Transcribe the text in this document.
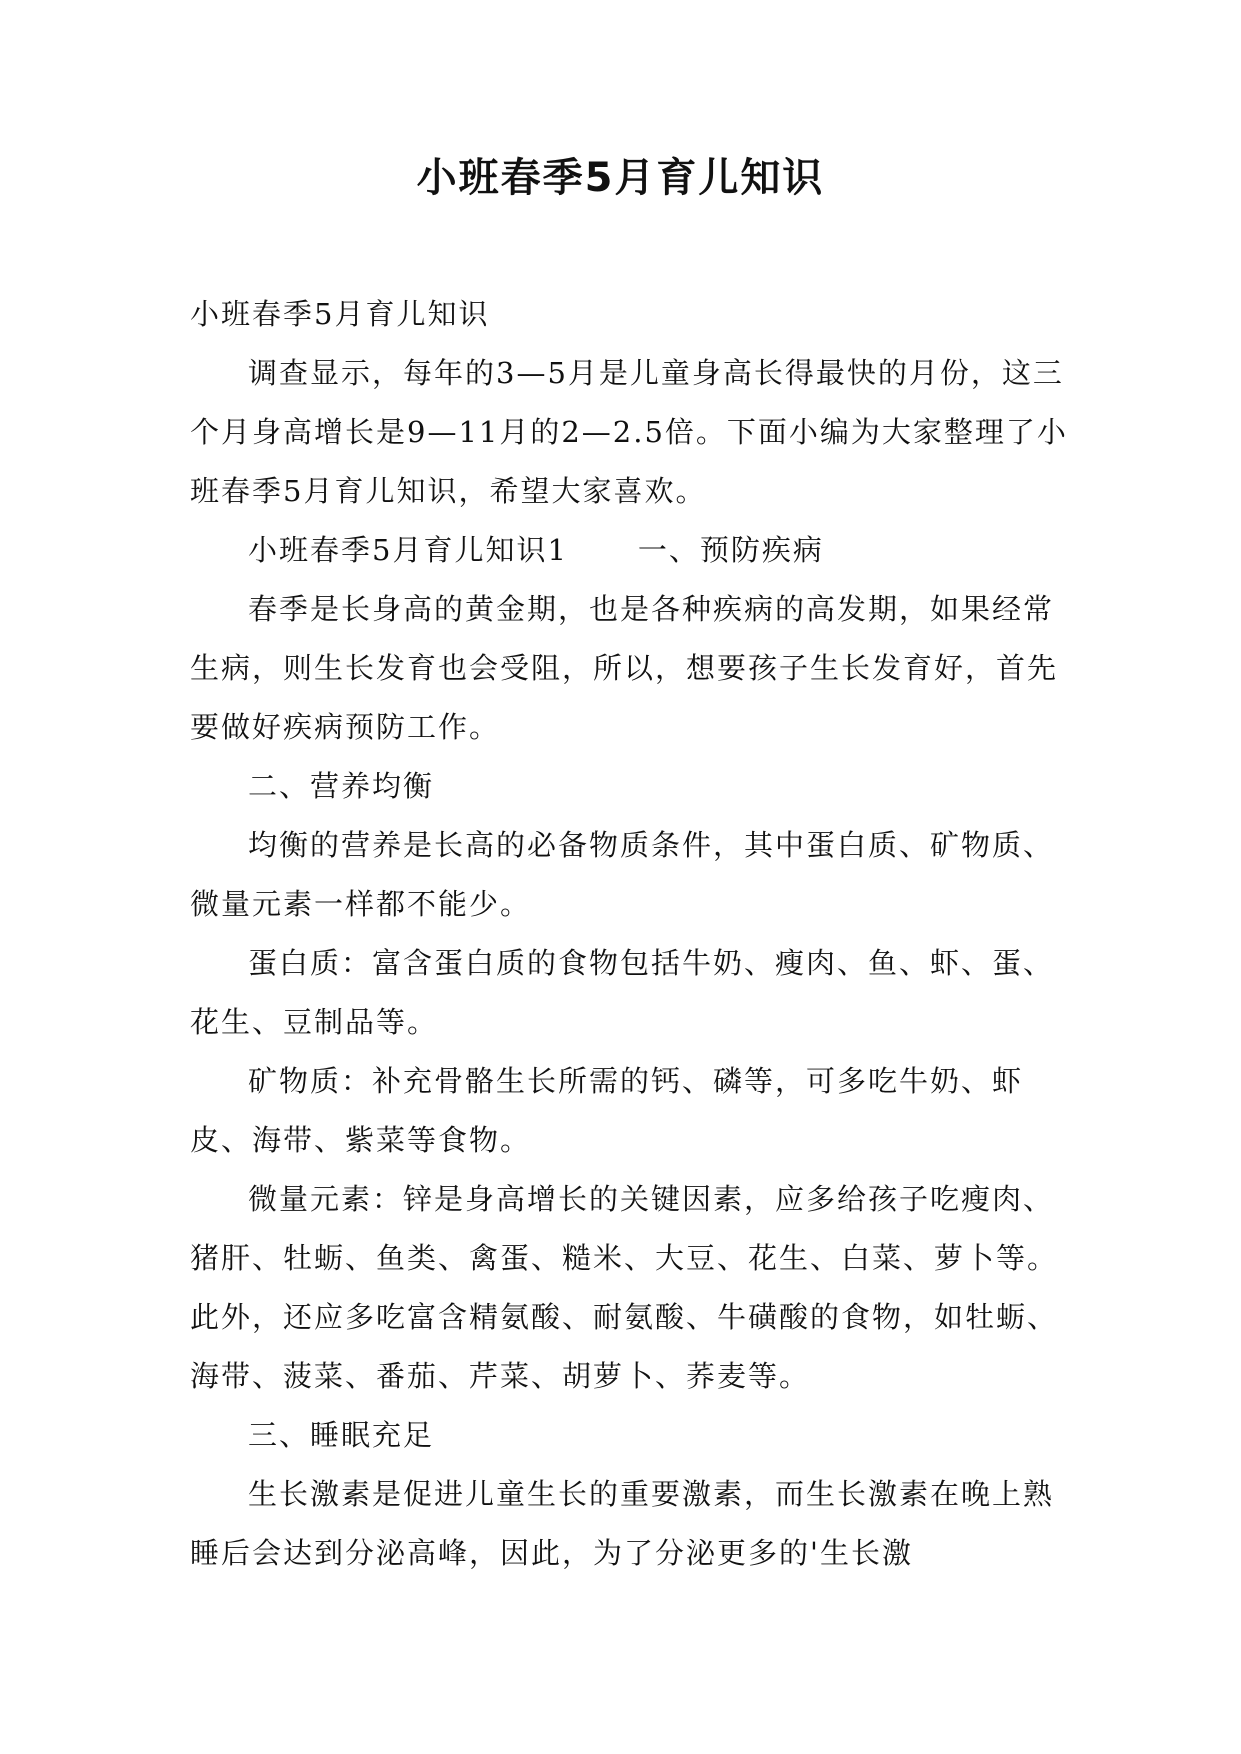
小班春季5月育儿知识

小班春季5月育儿知识

调查显示，每年的3—5月是儿童身高长得最快的月份，这三个月身高增长是9—11月的2—2.5倍。下面小编为大家整理了小班春季5月育儿知识，希望大家喜欢。

小班春季5月育儿知识1 一、预防疾病

春季是长身高的黄金期，也是各种疾病的高发期，如果经常生病，则生长发育也会受阻，所以，想要孩子生长发育好，首先要做好疾病预防工作。

二、营养均衡

均衡的营养是长高的必备物质条件，其中蛋白质、矿物质、微量元素一样都不能少。

蛋白质：富含蛋白质的食物包括牛奶、瘦肉、鱼、虾、蛋、花生、豆制品等。

矿物质：补充骨骼生长所需的钙、磷等，可多吃牛奶、虾皮、海带、紫菜等食物。

微量元素：锌是身高增长的关键因素，应多给孩子吃瘦肉、猪肝、牡蛎、鱼类、禽蛋、糙米、大豆、花生、白菜、萝卜等。此外，还应多吃富含精氨酸、耐氨酸、牛磺酸的食物，如牡蛎、海带、菠菜、番茄、芹菜、胡萝卜、荞麦等。

三、睡眠充足

生长激素是促进儿童生长的重要激素，而生长激素在晚上熟睡后会达到分泌高峰，因此，为了分泌更多的'生长激
